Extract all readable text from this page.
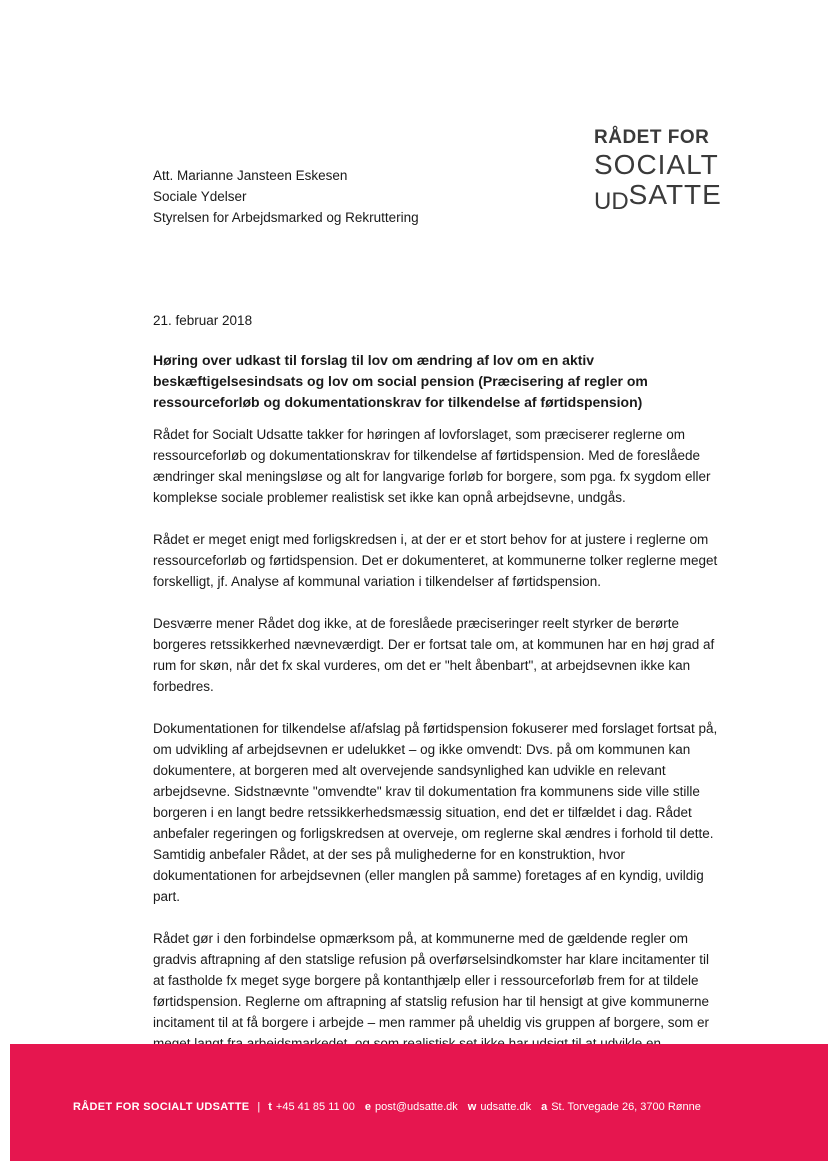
RÅDET FOR
SOCIALT
UDSATTE
Att. Marianne Jansteen Eskesen
Sociale Ydelser
Styrelsen for Arbejdsmarked og Rekruttering
21. februar 2018
Høring over udkast til forslag til lov om ændring af lov om en aktiv beskæftigelsesindsats og lov om social pension (Præcisering af regler om ressourceforløb og dokumentationskrav for tilkendelse af førtidspension)

Rådet for Socialt Udsatte takker for høringen af lovforslaget, som præciserer reglerne om ressourceforløb og dokumentationskrav for tilkendelse af førtidspension. Med de foreslåede ændringer skal meningsløse og alt for langvarige forløb for borgere, som pga. fx sygdom eller komplekse sociale problemer realistisk set ikke kan opnå arbejdsevne, undgås.

Rådet er meget enigt med forligskredsen i, at der er et stort behov for at justere i reglerne om ressourceforløb og førtidspension. Det er dokumenteret, at kommunerne tolker reglerne meget forskelligt, jf. Analyse af kommunal variation i tilkendelser af førtidspension.

Desværre mener Rådet dog ikke, at de foreslåede præciseringer reelt styrker de berørte borgeres retssikkerhed nævneværdigt. Der er fortsat tale om, at kommunen har en høj grad af rum for skøn, når det fx skal vurderes, om det er "helt åbenbart", at arbejdsevnen ikke kan forbedres.

Dokumentationen for tilkendelse af/afslag på førtidspension fokuserer med forslaget fortsat på, om udvikling af arbejdsevnen er udelukket – og ikke omvendt: Dvs. på om kommunen kan dokumentere, at borgeren med alt overvejende sandsynlighed kan udvikle en relevant arbejdsevne. Sidstnævnte "omvendte" krav til dokumentation fra kommunens side ville stille borgeren i en langt bedre retssikkerhedsmæssig situation, end det er tilfældet i dag. Rådet anbefaler regeringen og forligskredsen at overveje, om reglerne skal ændres i forhold til dette. Samtidig anbefaler Rådet, at der ses på mulighederne for en konstruktion, hvor dokumentationen for arbejdsevnen (eller manglen på samme) foretages af en kyndig, uvildig part.

Rådet gør i den forbindelse opmærksom på, at kommunerne med de gældende regler om gradvis aftrapning af den statslige refusion på overførselsindkomster har klare incitamenter til at fastholde fx meget syge borgere på kontanthjælp eller i ressourceforløb frem for at tildele førtidspension. Reglerne om aftrapning af statslig refusion har til hensigt at give kommunerne incitament til at få borgere i arbejde – men rammer på uheldig vis gruppen af borgere, som er

RÅDET FOR SOCIALT UDSATTE | t +45 41 85 11 00 e post@udsatte.dk w udsatte.dk a St. Torvegade 26, 3700 Rønne
